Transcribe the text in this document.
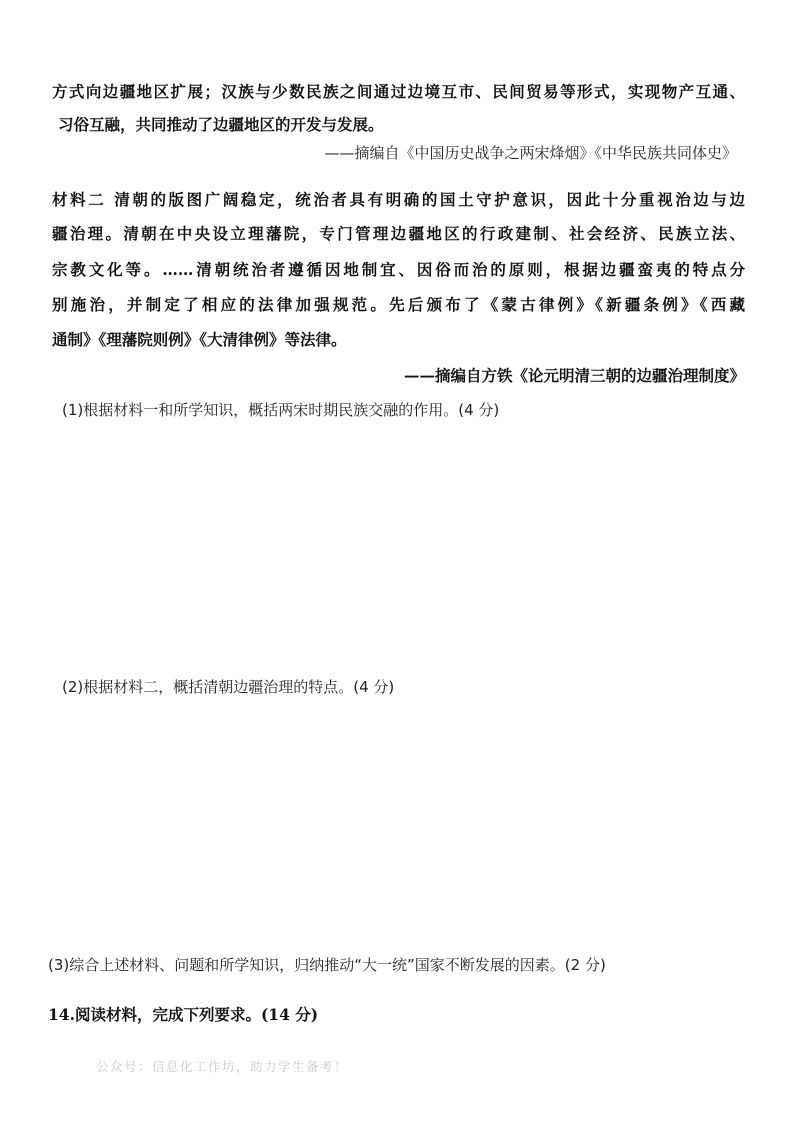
方式向边疆地区扩展；汉族与少数民族之间通过边境互市、民间贸易等形式，实现物产互通、
习俗互融，共同推动了边疆地区的开发与发展。
——摘编自《中国历史战争之两宋烽烟》《中华民族共同体史》
材料二 清朝的版图广阔稳定，统治者具有明确的国土守护意识，因此十分重视治边与边
疆治理。清朝在中央设立理藩院，专门管理边疆地区的行政建制、社会经济、民族立法、
宗教文化等。……清朝统治者遵循因地制宜、因俗而治的原则，根据边疆蛮夷的特点分
别施治，并制定了相应的法律加强规范。先后颁布了《蒙古律例》《新疆条例》《西藏
通制》《理藩院则例》《大清律例》等法律。
——摘编自方铁《论元明清三朝的边疆治理制度》
(1)根据材料一和所学知识，概括两宋时期民族交融的作用。(4 分)
(2)根据材料二，概括清朝边疆治理的特点。(4 分)
(3)综合上述材料、问题和所学知识，归纳推动“大一统”国家不断发展的因素。(2 分)
14.阅读材料，完成下列要求。(14 分)
公众号：信息化工作坊，助力学生备考！
